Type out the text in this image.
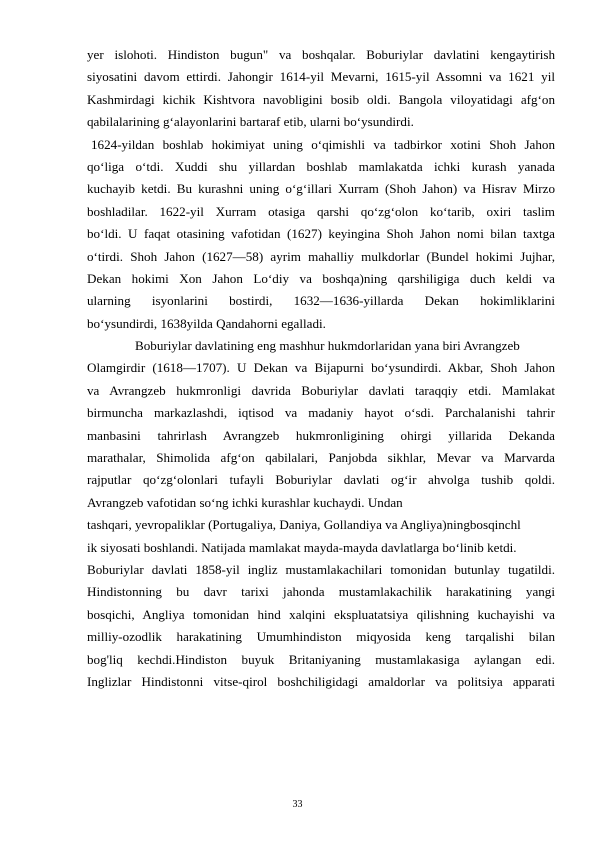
yer islohoti. Hindiston bugun" va boshqalar. Boburiylar davlatini kengaytirish
siyosatini davom ettirdi. Jahongir 1614-yil Mevarni, 1615-yil Assomni va 1621 yil
Kashmirdagi kichik Kishtvora navobligini bosib oldi. Bangola viloyatidagi afg‘on
qabilalarining g‘alayonlarini bartaraf etib, ularni bo‘ysundirdi.
1624-yildan boshlab hokimiyat uning o‘qimishli va tadbirkor xotini Shoh Jahon
qo‘liga o‘tdi. Xuddi shu yillardan boshlab mamlakatda ichki kurash yanada
kuchayib ketdi. Bu kurashni uning o‘g‘illari Xurram (Shoh Jahon) va Hisrav Mirzo
boshladilar. 1622-yil Xurram otasiga qarshi qo‘zg‘olon ko‘tarib, oxiri taslim
bo‘ldi. U faqat otasining vafotidan (1627) keyingina Shoh Jahon nomi bilan taxtga
o‘tirdi. Shoh Jahon (1627—58) ayrim mahalliy mulkdorlar (Bundel hokimi Jujhar,
Dekan hokimi Xon Jahon Lo‘diy va boshqa)ning qarshiligiga duch keldi va
ularning isyonlarini bostirdi, 1632—1636-yillarda Dekan hokimliklarini
bo‘ysundirdi, 1638yilda Qandahorni egalladi.
Boburiylar davlatining eng mashhur hukmdorlaridan yana biri Avrangzeb
Olamgirdir (1618—1707). U Dekan va Bijapurni bo‘ysundirdi. Akbar, Shoh Jahon
va Avrangzeb hukmronligi davrida Boburiylar davlati taraqqiy etdi. Mamlakat
birmuncha markazlashdi, iqtisod va madaniy hayot o‘sdi. Parchalanishi tahrir
manbasini tahrirlash Avrangzeb hukmronligining ohirgi yillarida Dekanda
marathalar, Shimolida afg‘on qabilalari, Panjobda sikhlar, Mevar va Marvarda
rajputlar qo‘zg‘olonlari tufayli Boburiylar davlati og‘ir ahvolga tushib qoldi.
Avrangzeb vafotidan so‘ng ichki kurashlar kuchaydi. Undan
tashqari, yevropaliklar (Portugaliya, Daniya, Gollandiya va Angliya)ningbosqinchl
ik siyosati boshlandi. Natijada mamlakat mayda-mayda davlatlarga bo‘linib ketdi.
Boburiylar davlati 1858-yil ingliz mustamlakachilari tomonidan butunlay tugatildi.
Hindistonning bu davr tarixi jahonda mustamlakachilik harakatining yangi
bosqichi, Angliya tomonidan hind xalqini ekspluatatsiya qilishning kuchayishi va
milliy-ozodlik harakatining Umumhindiston miqyosida keng tarqalishi bilan
bog'liq kechdi.Hindiston buyuk Britaniyaning mustamlakasiga aylangan edi.
Inglizlar Hindistonni vitse-qirol boshchiligidagi amaldorlar va politsiya apparati
33
